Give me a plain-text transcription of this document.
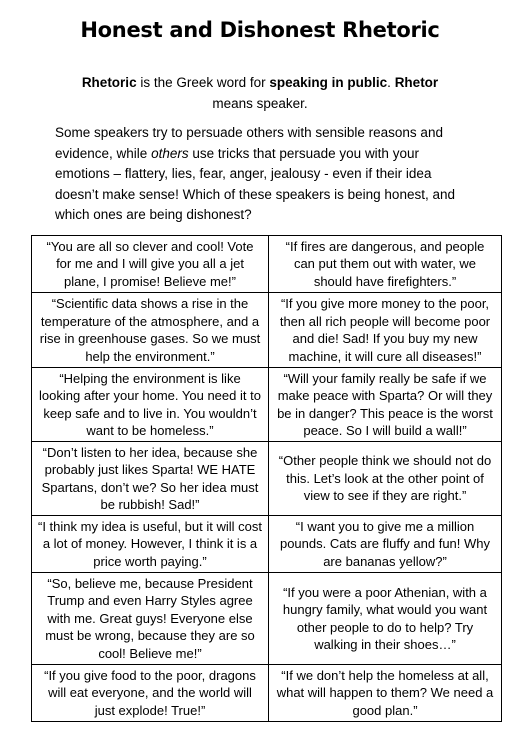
Honest and Dishonest Rhetoric
Rhetoric is the Greek word for speaking in public. Rhetor means speaker.
Some speakers try to persuade others with sensible reasons and evidence, while others use tricks that persuade you with your emotions – flattery, lies, fear, anger, jealousy - even if their idea doesn’t make sense! Which of these speakers is being honest, and which ones are being dishonest?
“You are all so clever and cool! Vote for me and I will give you all a jet plane, I promise! Believe me!”	“If fires are dangerous, and people can put them out with water, we should have firefighters.”
“Scientific data shows a rise in the temperature of the atmosphere, and a rise in greenhouse gases. So we must help the environment.”	“If you give more money to the poor, then all rich people will become poor and die! Sad! If you buy my new machine, it will cure all diseases!”
“Helping the environment is like looking after your home. You need it to keep safe and to live in. You wouldn’t want to be homeless.”	“Will your family really be safe if we make peace with Sparta? Or will they be in danger? This peace is the worst peace. So I will build a wall!”
“Don’t listen to her idea, because she probably just likes Sparta! WE HATE Spartans, don’t we? So her idea must be rubbish! Sad!”	“Other people think we should not do this. Let’s look at the other point of view to see if they are right.”
“I think my idea is useful, but it will cost a lot of money. However, I think it is a price worth paying.”	“I want you to give me a million pounds. Cats are fluffy and fun! Why are bananas yellow?”
“So, believe me, because President Trump and even Harry Styles agree with me. Great guys! Everyone else must be wrong, because they are so cool! Believe me!”	“If you were a poor Athenian, with a hungry family, what would you want other people to do to help? Try walking in their shoes…”
“If you give food to the poor, dragons will eat everyone, and the world will just explode! True!”	“If we don’t help the homeless at all, what will happen to them? We need a good plan.”
